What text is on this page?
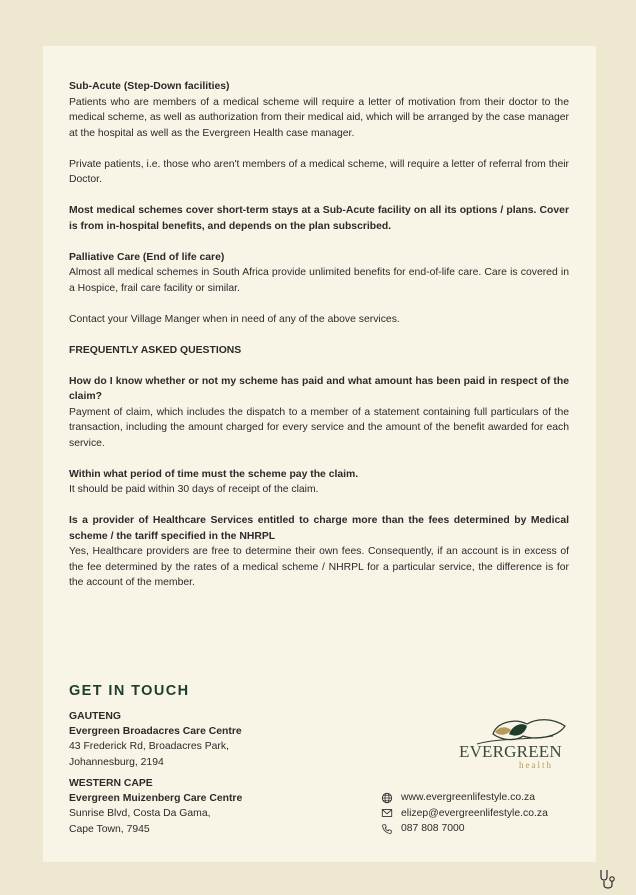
Sub-Acute (Step-Down facilities)
Patients who are members of a medical scheme will require a letter of motivation from their doctor to the medical scheme, as well as authorization from their medical aid, which will be arranged by the case manager at the hospital as well as the Evergreen Health case manager.

Private patients, i.e. those who aren't members of a medical scheme, will require a letter of referral from their Doctor.

Most medical schemes cover short-term stays at a Sub-Acute facility on all its options / plans. Cover is from in-hospital benefits, and depends on the plan subscribed.

Palliative Care (End of life care)
Almost all medical schemes in South Africa provide unlimited benefits for end-of-life care. Care is covered in a Hospice, frail care facility or similar.

Contact your Village Manger when in need of any of the above services.

FREQUENTLY ASKED QUESTIONS

How do I know whether or not my scheme has paid and what amount has been paid in respect of the claim?
Payment of claim, which includes the dispatch to a member of a statement containing full particulars of the transaction, including the amount charged for every service and the amount of the benefit awarded for each service.

Within what period of time must the scheme pay the claim.
It should be paid within 30 days of receipt of the claim.

Is a provider of Healthcare Services entitled to charge more than the fees determined by Medical scheme / the tariff specified in the NHRPL
Yes, Healthcare providers are free to determine their own fees. Consequently, if an account is in excess of the fee determined by the rates of a medical scheme / NHRPL for a particular service, the difference is for the account of the member.

GET IN TOUCH
GAUTENG
Evergreen Broadacres Care Centre
43 Frederick Rd, Broadacres Park,
Johannesburg, 2194
WESTERN CAPE
Evergreen Muizenberg Care Centre
Sunrise Blvd, Costa Da Gama,
Cape Town, 7945
EVERGREEN
health
www.evergreenlifestyle.co.za
elizep@evergreenlifestyle.co.za
087 808 7000
